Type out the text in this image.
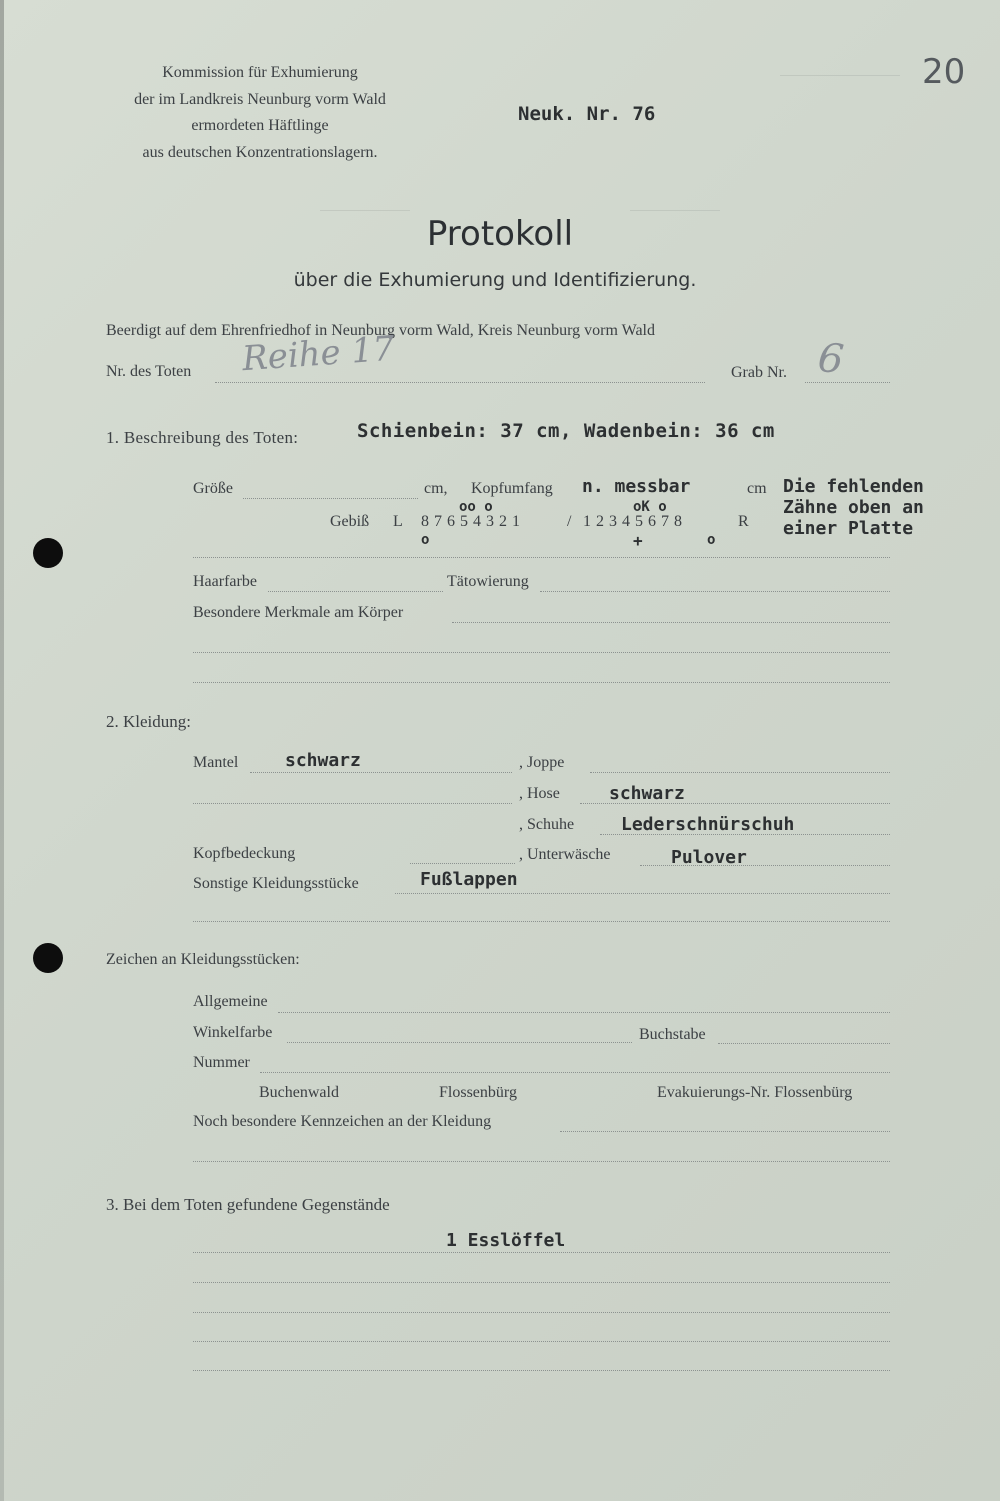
20
Kommission für Exhumierung
der im Landkreis Neunburg vorm Wald
ermordeten Häftlinge
aus deutschen Konzentrationslagern.
Neuk. Nr. 76
Protokoll
über die Exhumierung und Identifizierung.
Beerdigt auf dem Ehrenfriedhof in Neunburg vorm Wald, Kreis Neunburg vorm Wald
Nr. des Toten Reihe 17	Grab Nr. 6
1. Beschreibung des Toten:	Schienbein: 37 cm, Wadenbein: 36 cm
Größe	cm, Kopfumfang n. messbar	cm Die fehlenden
Zähne oben an
einer Platte
oo o	oK o
Gebiß L 8 7 6 5 4 3 2 1	/ 1 2 3 4 5 6 7 8	R
o	+	o
Haarfarbe	Tätowierung
Besondere Merkmale am Körper
2. Kleidung:
Mantel	schwarz	, Joppe
, Hose	schwarz
, Schuhe	Lederschnürschuh
Kopfbedeckung	, Unterwäsche	Pulover
Sonstige Kleidungsstücke	Fußlappen
Zeichen an Kleidungsstücken:
Allgemeine
Winkelfarbe	Buchstabe
Nummer
Buchenwald	Flossenbürg	Evakuierungs-Nr. Flossenbürg
Noch besondere Kennzeichen an der Kleidung
3. Bei dem Toten gefundene Gegenstände
1 Esslöffel
